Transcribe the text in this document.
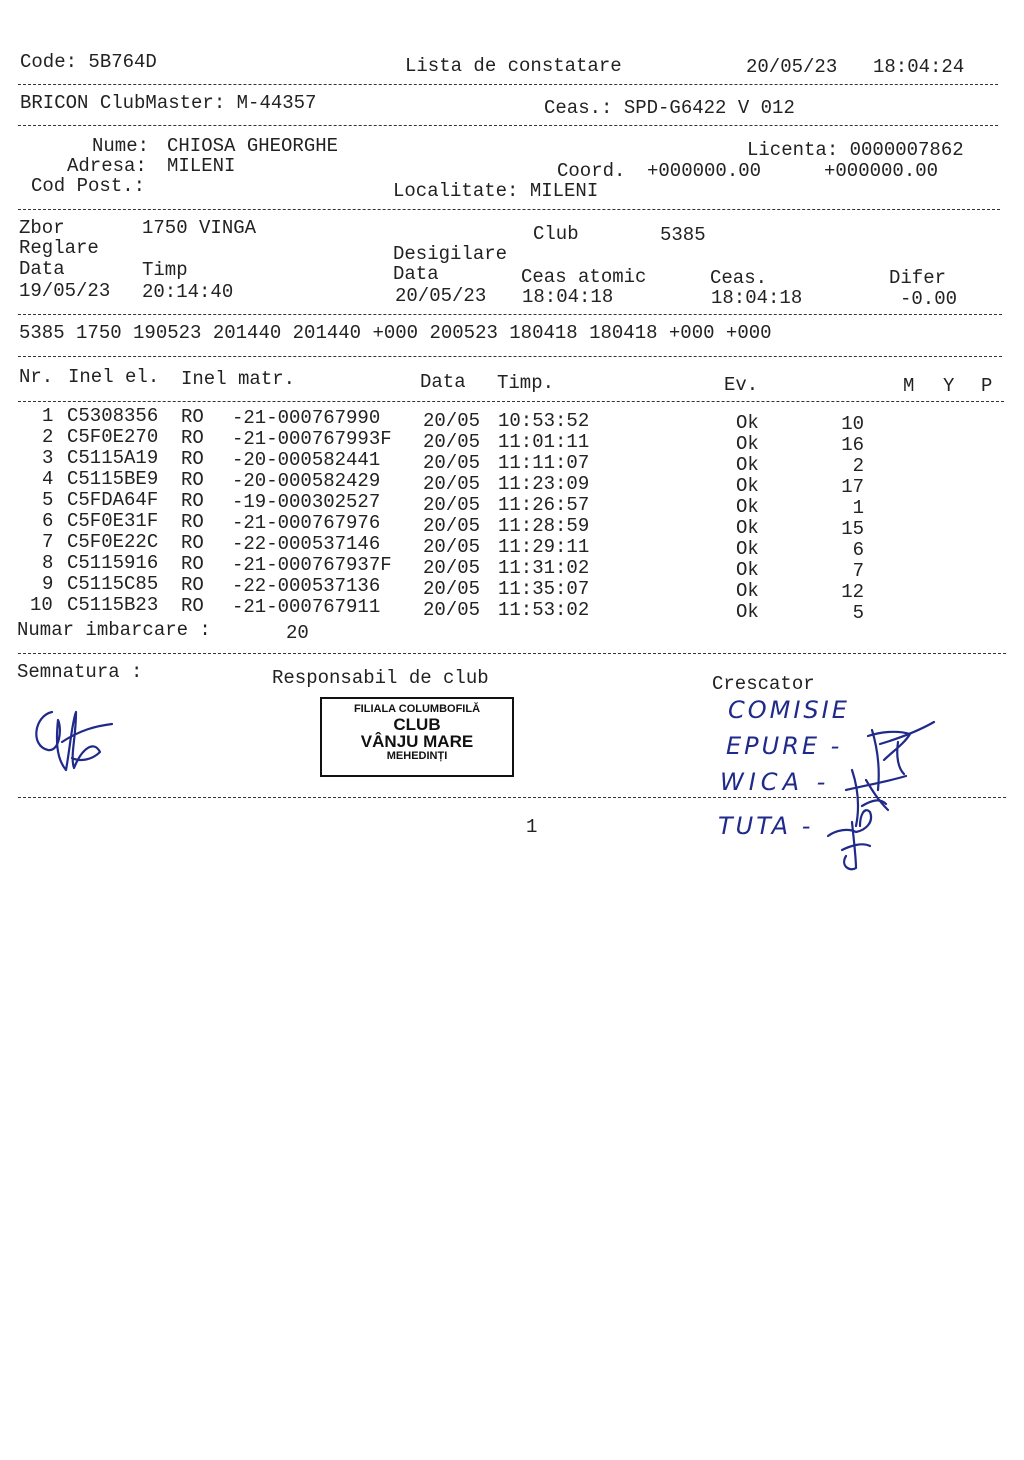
Code: 5B764D	Lista de constatare	20/05/23 18:04:24
BRICON ClubMaster: M-44357	Ceas.: SPD-G6422 V 012
Nume: CHIOSA GHEORGHE
Adresa: MILENI
Cod Post.:
Licenta: 0000007862
Coord. +000000.00	+000000.00
Localitate: MILENI
Zbor	1750 VINGA	Club	5385
Reglare	Desigilare
Data	Timp	Data	Ceas atomic	Ceas.	Difer
19/05/23 20:14:40	20/05/23 18:04:18	18:04:18	-0.00
5385 1750 190523 201440 201440 +000 200523 180418 180418 +000 +000
Nr. Inel el. Inel matr.	Data Timp.	Ev.	M Y P
1 C5308356 RO -21-000767990 20/05 10:53:52	Ok	10
2 C5F0E270 RO -21-000767993F 20/05 11:01:11	Ok	16
3 C5115A19 RO -20-000582441 20/05 11:11:07	Ok	2
4 C5115BE9 RO -20-000582429 20/05 11:23:09	Ok	17
5 C5FDA64F RO -19-000302527 20/05 11:26:57	Ok	1
6 C5F0E31F RO -21-000767976 20/05 11:28:59	Ok	15
7 C5F0E22C RO -22-000537146 20/05 11:29:11	Ok	6
8 C5115916 RO -21-000767937F 20/05 11:31:02	Ok	7
9 C5115C85 RO -22-000537136 20/05 11:35:07	Ok	12
10 C5115B23 RO -21-000767911 20/05 11:53:02	Ok	5
Numar imbarcare :	20
Semnatura :	Responsabil de club	Crescator
FILIALA COLUMBOFILĂ
CLUB
VÂNJU MARE
MEHEDINȚI
COMISIE
EPURE -
WICA -
TUTA -
1
